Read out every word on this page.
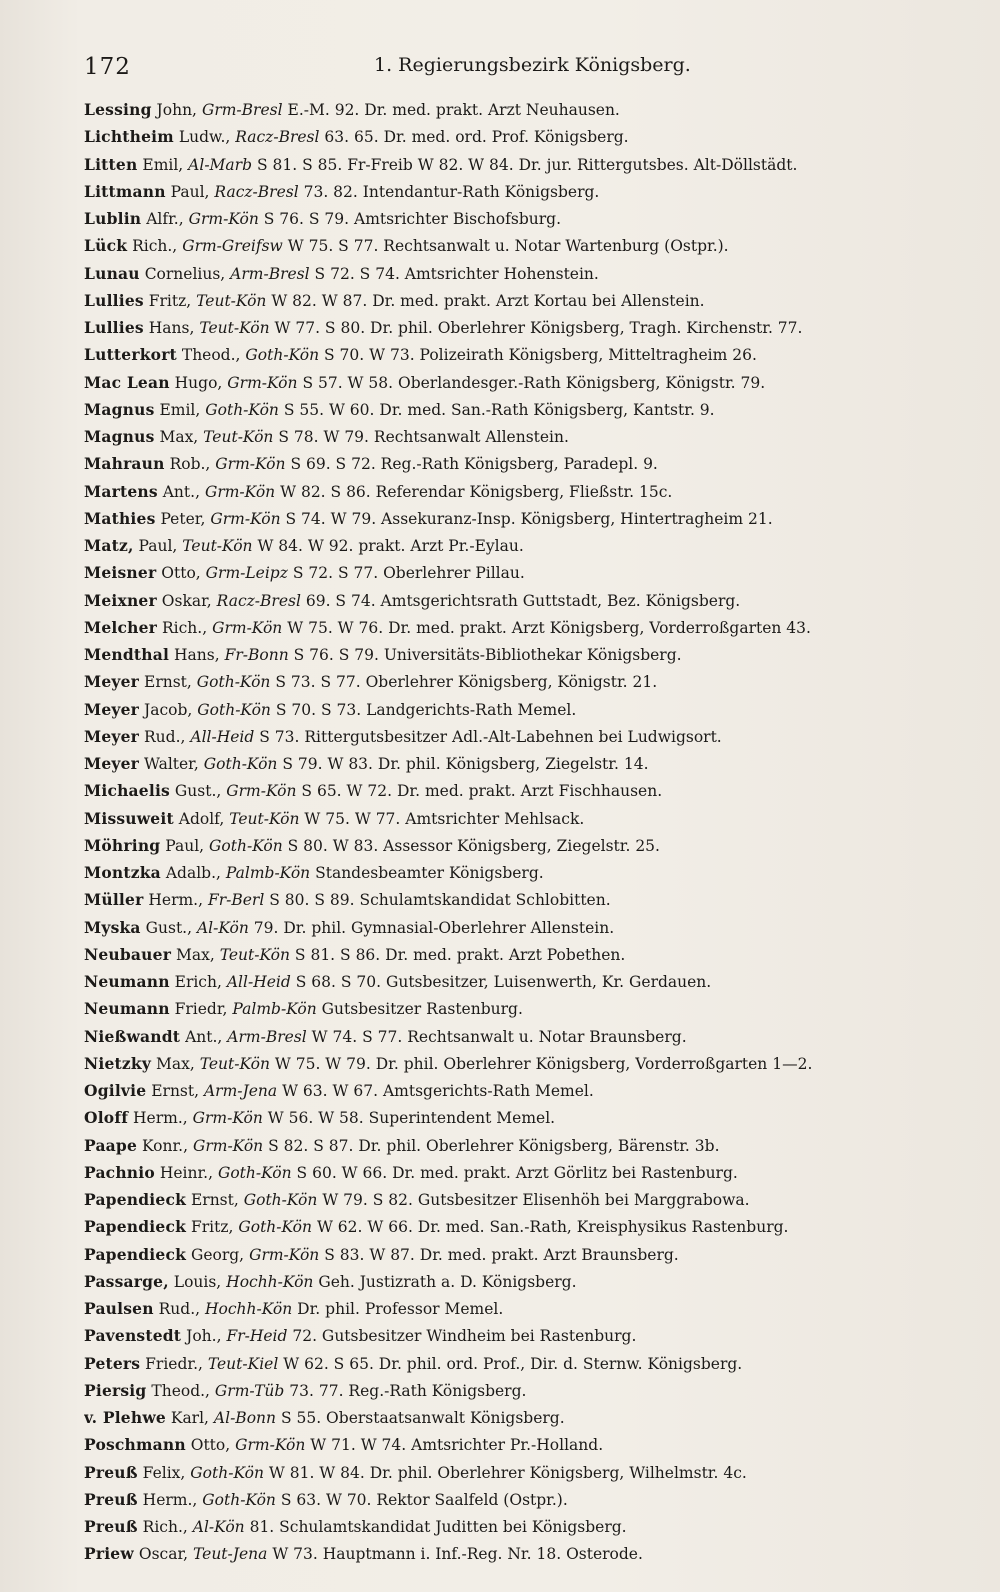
172	1. Regierungsbezirk Königsberg.
Lessing John, Grm-Bresl E.-M. 92. Dr. med. prakt. Arzt Neuhausen.
Lichtheim Ludw., Racz-Bresl 63. 65. Dr. med. ord. Prof. Königsberg.
Litten Emil, Al-Marb S 81. S 85. Fr-Freib W 82. W 84. Dr. jur. Rittergutsbes. Alt-Döllstädt.
Littmann Paul, Racz-Bresl 73. 82. Intendantur-Rath Königsberg.
Lublin Alfr., Grm-Kön S 76. S 79. Amtsrichter Bischofsburg.
Lück Rich., Grm-Greifsw W 75. S 77. Rechtsanwalt u. Notar Wartenburg (Ostpr.).
Lunau Cornelius, Arm-Bresl S 72. S 74. Amtsrichter Hohenstein.
Lullies Fritz, Teut-Kön W 82. W 87. Dr. med. prakt. Arzt Kortau bei Allenstein.
Lullies Hans, Teut-Kön W 77. S 80. Dr. phil. Oberlehrer Königsberg, Tragh. Kirchenstr. 77.
Lutterkort Theod., Goth-Kön S 70. W 73. Polizeirath Königsberg, Mitteltragheim 26.
Mac Lean Hugo, Grm-Kön S 57. W 58. Oberlandesger.-Rath Königsberg, Königstr. 79.
Magnus Emil, Goth-Kön S 55. W 60. Dr. med. San.-Rath Königsberg, Kantstr. 9.
Magnus Max, Teut-Kön S 78. W 79. Rechtsanwalt Allenstein.
Mahraun Rob., Grm-Kön S 69. S 72. Reg.-Rath Königsberg, Paradepl. 9.
Martens Ant., Grm-Kön W 82. S 86. Referendar Königsberg, Fließstr. 15c.
Mathies Peter, Grm-Kön S 74. W 79. Assekuranz-Insp. Königsberg, Hintertragheim 21.
Matz, Paul, Teut-Kön W 84. W 92. prakt. Arzt Pr.-Eylau.
Meisner Otto, Grm-Leipz S 72. S 77. Oberlehrer Pillau.
Meixner Oskar, Racz-Bresl 69. S 74. Amtsgerichtsrath Guttstadt, Bez. Königsberg.
Melcher Rich., Grm-Kön W 75. W 76. Dr. med. prakt. Arzt Königsberg, Vorderroßgarten 43.
Mendthal Hans, Fr-Bonn S 76. S 79. Universitäts-Bibliothekar Königsberg.
Meyer Ernst, Goth-Kön S 73. S 77. Oberlehrer Königsberg, Königstr. 21.
Meyer Jacob, Goth-Kön S 70. S 73. Landgerichts-Rath Memel.
Meyer Rud., All-Heid S 73. Rittergutsbesitzer Adl.-Alt-Labehnen bei Ludwigsort.
Meyer Walter, Goth-Kön S 79. W 83. Dr. phil. Königsberg, Ziegelstr. 14.
Michaelis Gust., Grm-Kön S 65. W 72. Dr. med. prakt. Arzt Fischhausen.
Missuweit Adolf, Teut-Kön W 75. W 77. Amtsrichter Mehlsack.
Möhring Paul, Goth-Kön S 80. W 83. Assessor Königsberg, Ziegelstr. 25.
Montzka Adalb., Palmb-Kön Standesbeamter Königsberg.
Müller Herm., Fr-Berl S 80. S 89. Schulamtskandidat Schlobitten.
Myska Gust., Al-Kön 79. Dr. phil. Gymnasial-Oberlehrer Allenstein.
Neubauer Max, Teut-Kön S 81. S 86. Dr. med. prakt. Arzt Pobethen.
Neumann Erich, All-Heid S 68. S 70. Gutsbesitzer, Luisenwerth, Kr. Gerdauen.
Neumann Friedr, Palmb-Kön Gutsbesitzer Rastenburg.
Nießwandt Ant., Arm-Bresl W 74. S 77. Rechtsanwalt u. Notar Braunsberg.
Nietzky Max, Teut-Kön W 75. W 79. Dr. phil. Oberlehrer Königsberg, Vorderroßgarten 1—2.
Ogilvie Ernst, Arm-Jena W 63. W 67. Amtsgerichts-Rath Memel.
Oloff Herm., Grm-Kön W 56. W 58. Superintendent Memel.
Paape Konr., Grm-Kön S 82. S 87. Dr. phil. Oberlehrer Königsberg, Bärenstr. 3b.
Pachnio Heinr., Goth-Kön S 60. W 66. Dr. med. prakt. Arzt Görlitz bei Rastenburg.
Papendieck Ernst, Goth-Kön W 79. S 82. Gutsbesitzer Elisenhöh bei Marggrabowa.
Papendieck Fritz, Goth-Kön W 62. W 66. Dr. med. San.-Rath, Kreisphysikus Rastenburg.
Papendieck Georg, Grm-Kön S 83. W 87. Dr. med. prakt. Arzt Braunsberg.
Passarge, Louis, Hochh-Kön Geh. Justizrath a. D. Königsberg.
Paulsen Rud., Hochh-Kön Dr. phil. Professor Memel.
Pavenstedt Joh., Fr-Heid 72. Gutsbesitzer Windheim bei Rastenburg.
Peters Friedr., Teut-Kiel W 62. S 65. Dr. phil. ord. Prof., Dir. d. Sternw. Königsberg.
Piersig Theod., Grm-Tüb 73. 77. Reg.-Rath Königsberg.
v. Plehwe Karl, Al-Bonn S 55. Oberstaatsanwalt Königsberg.
Poschmann Otto, Grm-Kön W 71. W 74. Amtsrichter Pr.-Holland.
Preuß Felix, Goth-Kön W 81. W 84. Dr. phil. Oberlehrer Königsberg, Wilhelmstr. 4c.
Preuß Herm., Goth-Kön S 63. W 70. Rektor Saalfeld (Ostpr.).
Preuß Rich., Al-Kön 81. Schulamtskandidat Juditten bei Königsberg.
Priew Oscar, Teut-Jena W 73. Hauptmann i. Inf.-Reg. Nr. 18. Osterode.
